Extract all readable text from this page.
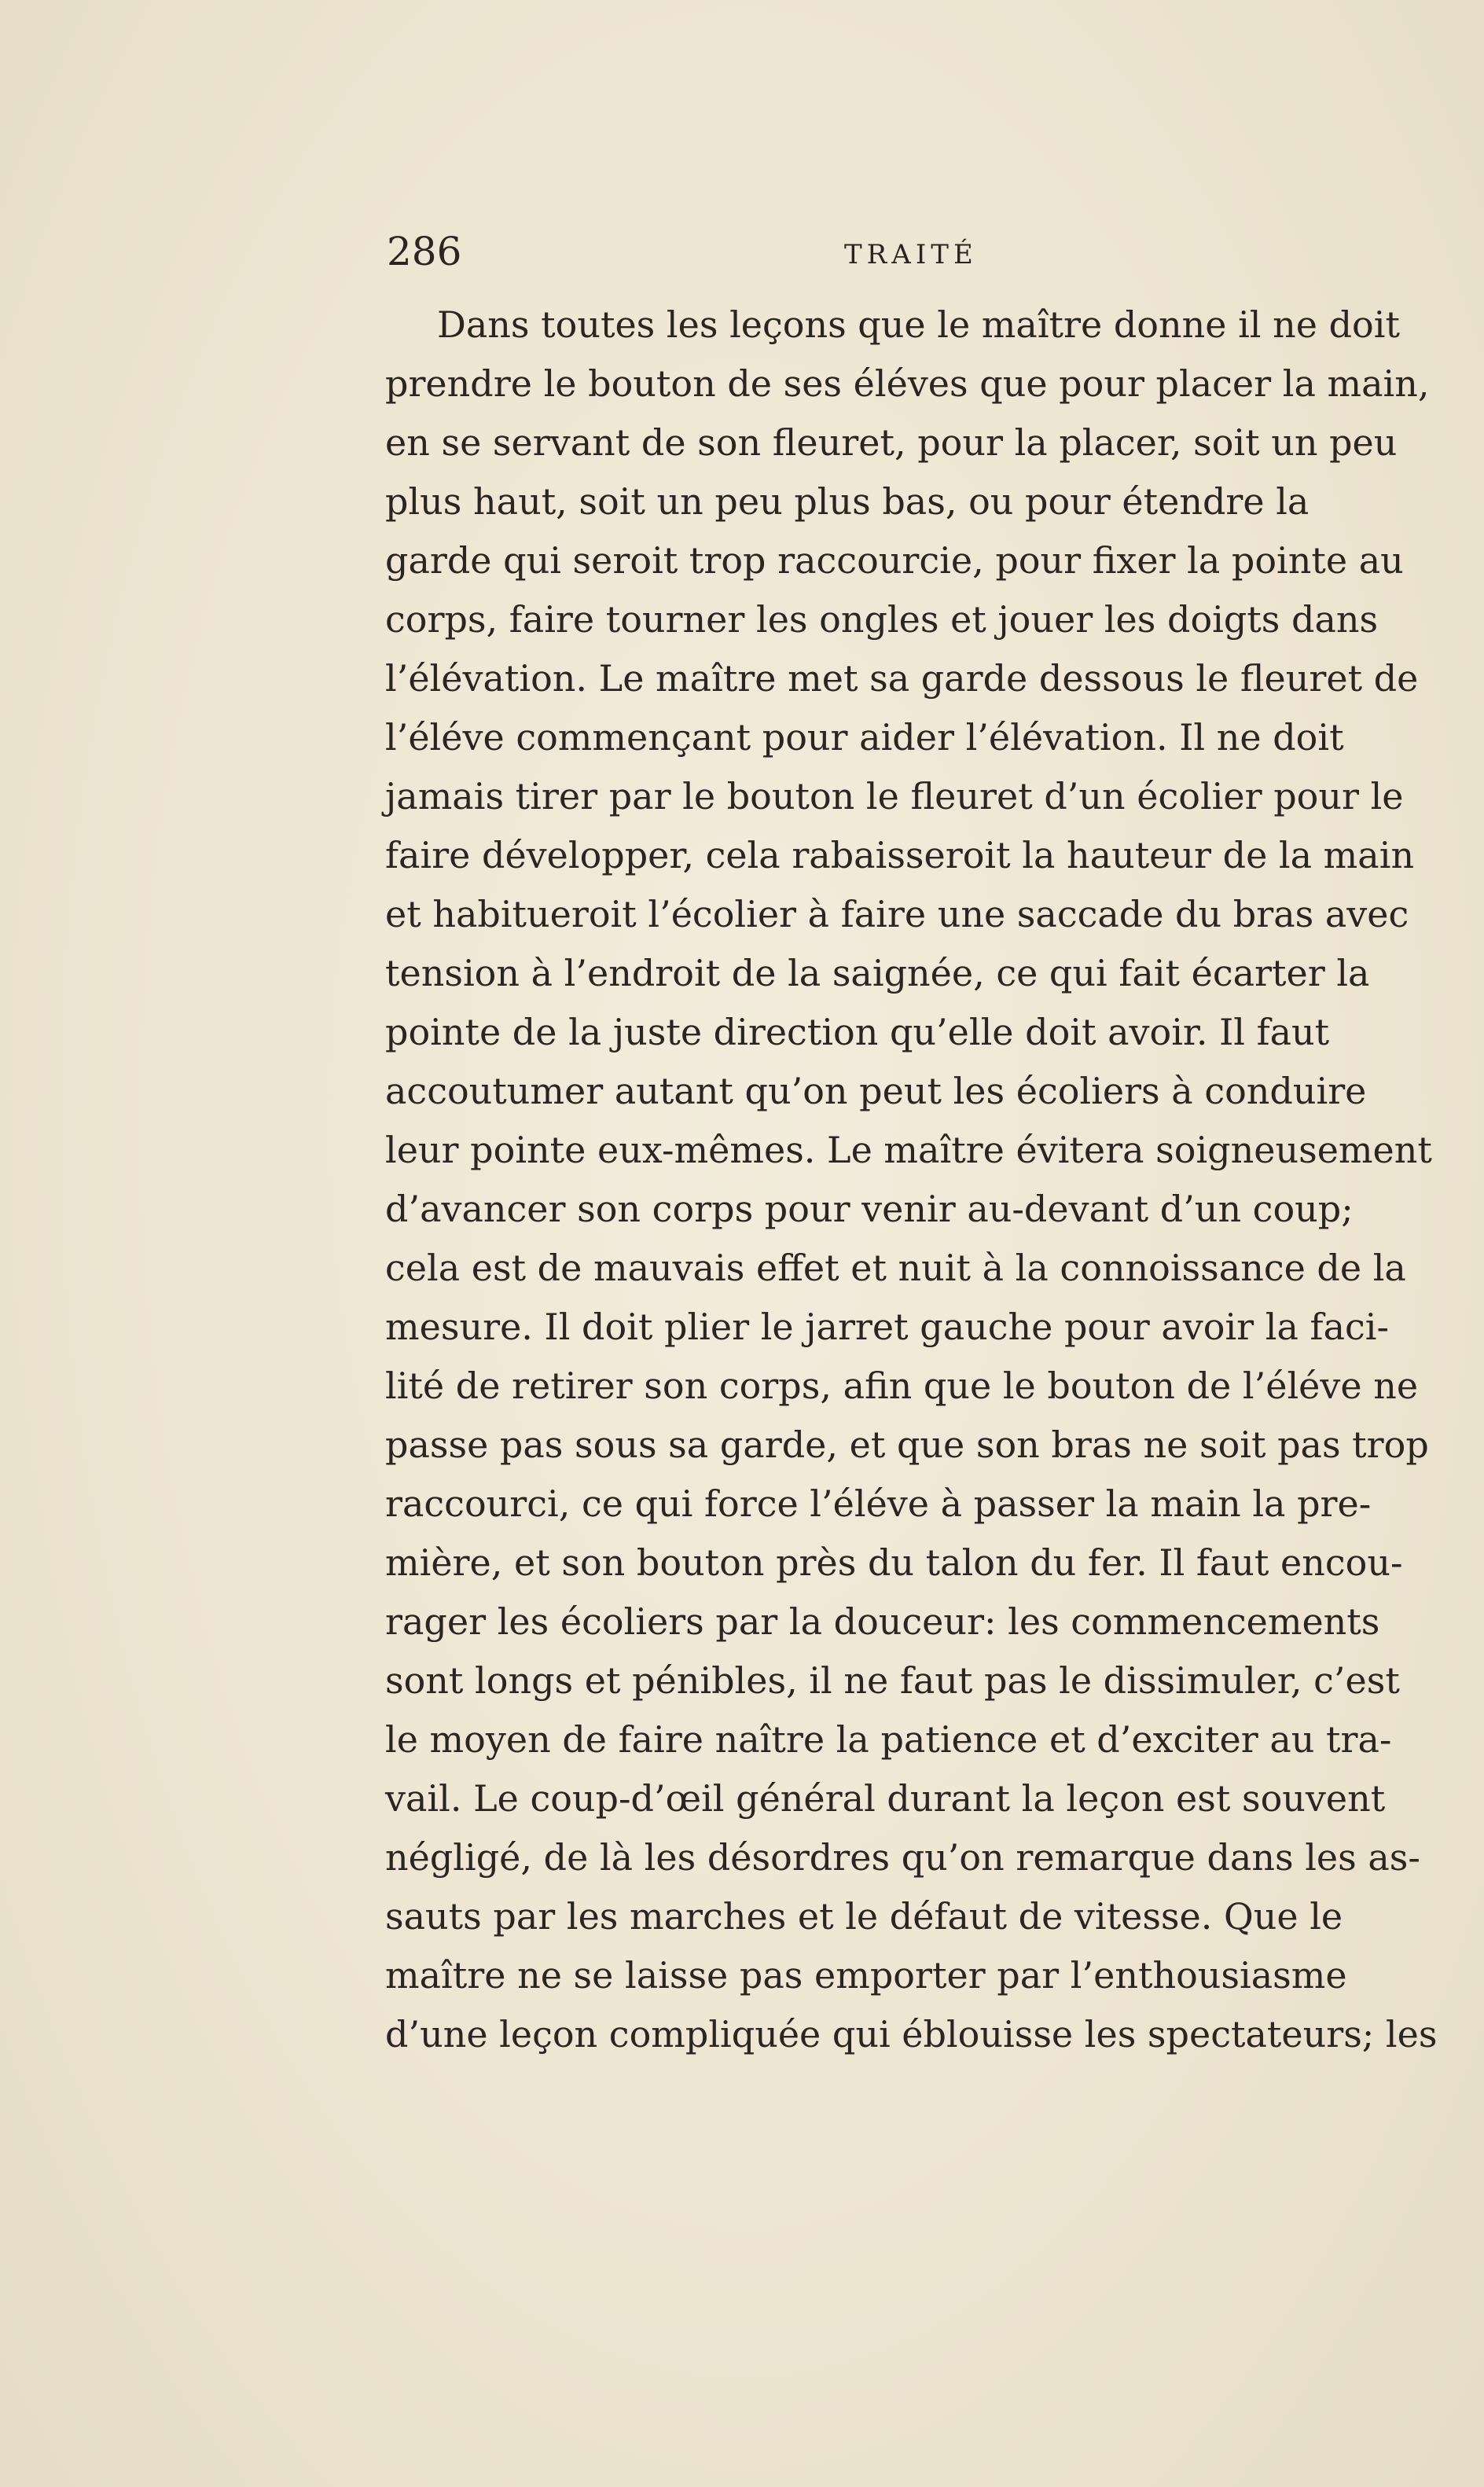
286	TRAITÉ
Dans toutes les leçons que le maître donne il ne doit
prendre le bouton de ses éléves que pour placer la main,
en se servant de son fleuret, pour la placer, soit un peu
plus haut, soit un peu plus bas, ou pour étendre la
garde qui seroit trop raccourcie, pour fixer la pointe au
corps, faire tourner les ongles et jouer les doigts dans
l’élévation. Le maître met sa garde dessous le fleuret de
l’éléve commençant pour aider l’élévation. Il ne doit
jamais tirer par le bouton le fleuret d’un écolier pour le
faire développer, cela rabaisseroit la hauteur de la main
et habitueroit l’écolier à faire une saccade du bras avec
tension à l’endroit de la saignée, ce qui fait écarter la
pointe de la juste direction qu’elle doit avoir. Il faut
accoutumer autant qu’on peut les écoliers à conduire
leur pointe eux-mêmes. Le maître évitera soigneusement
d’avancer son corps pour venir au-devant d’un coup;
cela est de mauvais effet et nuit à la connoissance de la
mesure. Il doit plier le jarret gauche pour avoir la faci-
lité de retirer son corps, afin que le bouton de l’éléve ne
passe pas sous sa garde, et que son bras ne soit pas trop
raccourci, ce qui force l’éléve à passer la main la pre-
mière, et son bouton près du talon du fer. Il faut encou-
rager les écoliers par la douceur: les commencements
sont longs et pénibles, il ne faut pas le dissimuler, c’est
le moyen de faire naître la patience et d’exciter au tra-
vail. Le coup-d’œil général durant la leçon est souvent
négligé, de là les désordres qu’on remarque dans les as-
sauts par les marches et le défaut de vitesse. Que le
maître ne se laisse pas emporter par l’enthousiasme
d’une leçon compliquée qui éblouisse les spectateurs; les
